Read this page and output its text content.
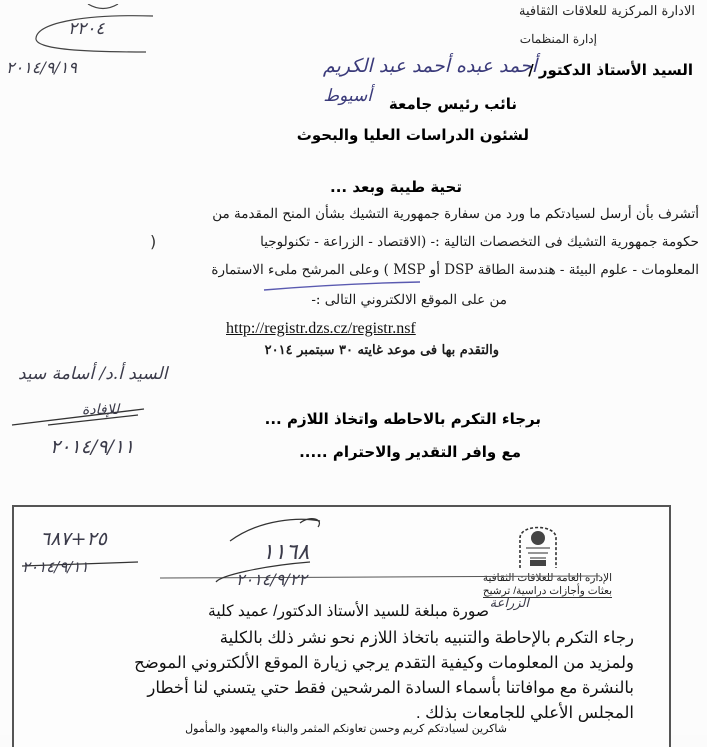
٢٢٠٤
٢٠١٤/٩/١٩
الادارة المركزية للعلاقات الثقافية
إدارة المنظمات
السيد الأستاذ الدكتور /
أحمد عبده أحمد عبد الكريم
نائب رئيس جامعة
أسيوط
لشئون الدراسات العليا والبحوث
تحية طيبة وبعد ...
أتشرف بأن أرسل لسيادتكم ما ورد من سفارة جمهورية التشيك بشأن المنح المقدمة من
)	حكومة جمهورية التشيك فى التخصصات التالية :- (الاقتصاد - الزراعة - تكنولوجيا
المعلومات - علوم البيئة - هندسة الطاقة DSP أو MSP ) وعلى المرشح ملىء الاستمارة
من على الموقع الالكتروني التالى :-
http://registr.dzs.cz/registr.nsf
والتقدم بها فى موعد غايته ٣٠ سبتمبر ٢٠١٤
السيد أ.د/ أسامة سيد
للإفادة
٢٠١٤/٩/١١
برجاء التكرم بالاحاطه واتخاذ اللازم ...
مع وافر التقدير والاحترام .....
الإدارة العامة للعلاقات الثقافية
بعثات وأجازات دراسية/ ترشيح
٢٥+٦٨٧
٢٠١٤/٩/١١
١١٦٨
٢٠١٤/٩/٢٢
صورة مبلغة للسيد الأستاذ الدكتور/ عميد كلية الزراعة
رجاء التكرم بالإحاطة والتنبيه باتخاذ اللازم نحو نشر ذلك بالكلية
ولمزيد من المعلومات وكيفية التقدم يرجي زيارة الموقع الألكتروني الموضح
بالنشرة مع موافاتنا بأسماء السادة المرشحين فقط حتي يتسني لنا أخطار
المجلس الأعلي للجامعات بذلك .
شاكرين لسيادتكم كريم وحسن تعاونكم المثمر والبناء والمعهود والمأمول
